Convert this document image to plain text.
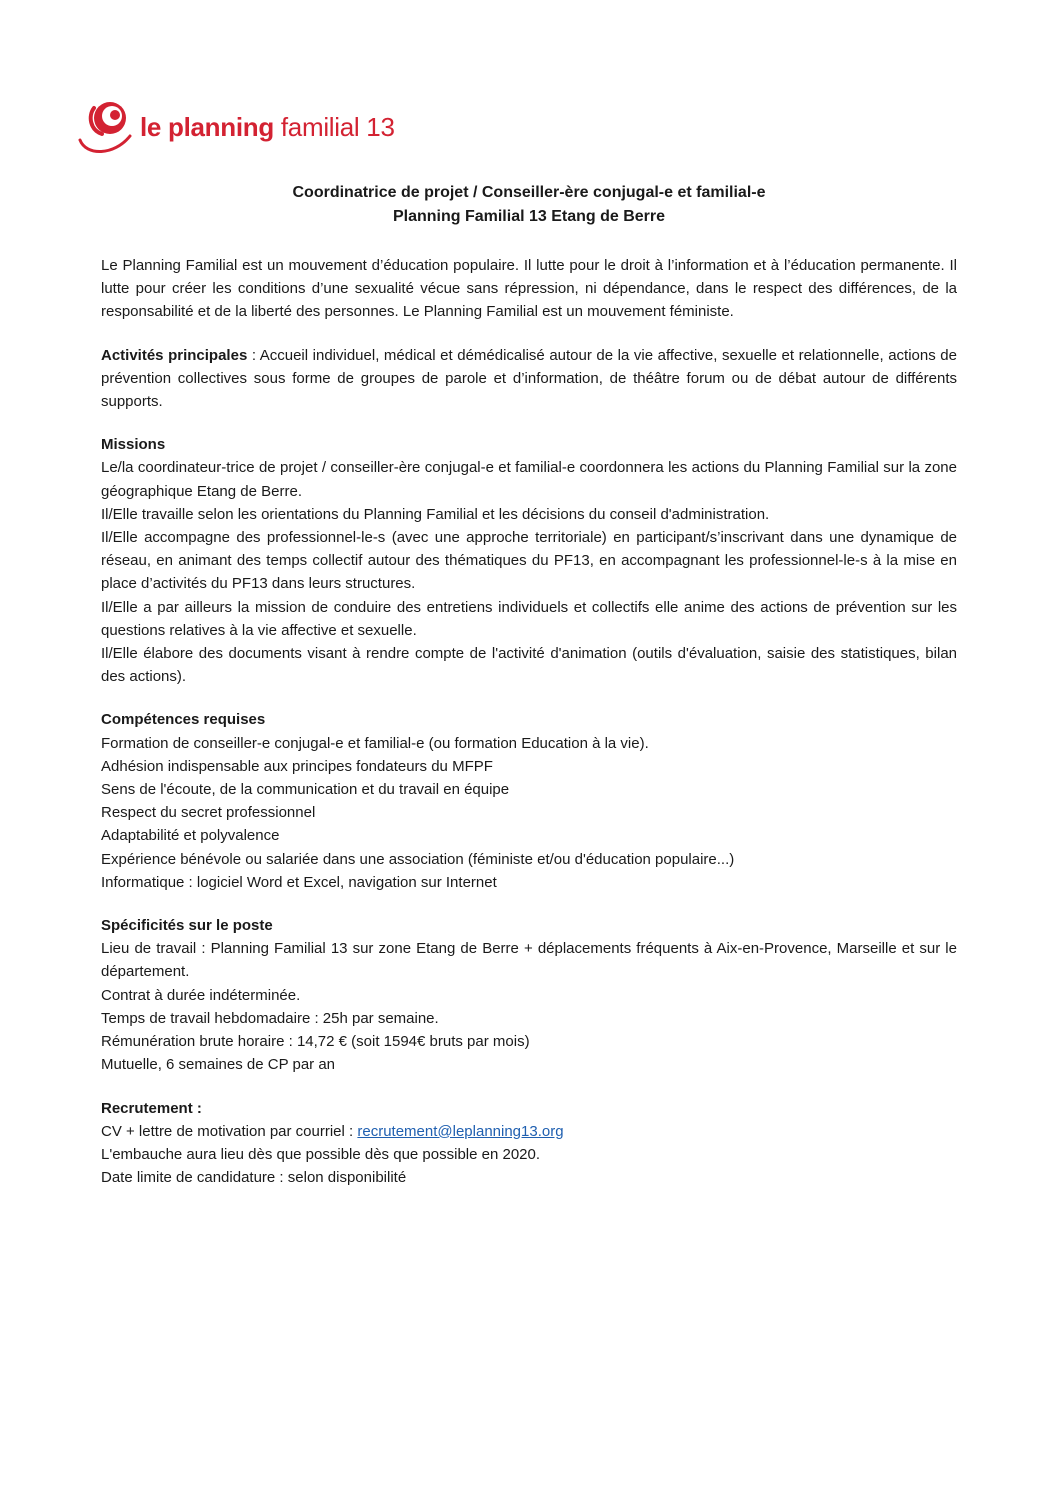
le planning familial 13
Coordinatrice de projet / Conseiller-ère conjugal-e et familial-e
Planning Familial 13 Etang de Berre

Le Planning Familial est un mouvement d’éducation populaire. Il lutte pour le droit à l’information et à l’éducation permanente. Il lutte pour créer les conditions d’une sexualité vécue sans répression, ni dépendance, dans le respect des différences, de la responsabilité et de la liberté des personnes. Le Planning Familial est un mouvement féministe.

Activités principales : Accueil individuel, médical et démédicalisé autour de la vie affective, sexuelle et relationnelle, actions de prévention collectives sous forme de groupes de parole et d’information, de théâtre forum ou de débat autour de différents supports.

Missions

Le/la coordinateur-trice de projet / conseiller-ère conjugal-e et familial-e coordonnera les actions du Planning Familial sur la zone géographique Etang de Berre.

Il/Elle travaille selon les orientations du Planning Familial et les décisions du conseil d'administration.

Il/Elle accompagne des professionnel-le-s (avec une approche territoriale) en participant/s’inscrivant dans une dynamique de réseau, en animant des temps collectif autour des thématiques du PF13, en accompagnant les professionnel-le-s à la mise en place d’activités du PF13 dans leurs structures.

Il/Elle a par ailleurs la mission de conduire des entretiens individuels et collectifs elle anime des actions de prévention sur les questions relatives à la vie affective et sexuelle.

Il/Elle élabore des documents visant à rendre compte de l'activité d'animation (outils d'évaluation, saisie des statistiques, bilan des actions).

Compétences requises

Formation de conseiller-e conjugal-e et familial-e (ou formation Education à la vie).

Adhésion indispensable aux principes fondateurs du MFPF

Sens de l'écoute, de la communication et du travail en équipe

Respect du secret professionnel

Adaptabilité et polyvalence

Expérience bénévole ou salariée dans une association (féministe et/ou d'éducation populaire...)

Informatique : logiciel Word et Excel, navigation sur Internet

Spécificités sur le poste

Lieu de travail : Planning Familial 13 sur zone Etang de Berre + déplacements fréquents à Aix-en-Provence, Marseille et sur le département.

Contrat à durée indéterminée.

Temps de travail hebdomadaire : 25h par semaine.

Rémunération brute horaire : 14,72 € (soit 1594€ bruts par mois)

Mutuelle, 6 semaines de CP par an

Recrutement :

CV + lettre de motivation par courriel : recrutement@leplanning13.org

L'embauche aura lieu dès que possible dès que possible en 2020.

Date limite de candidature : selon disponibilité
